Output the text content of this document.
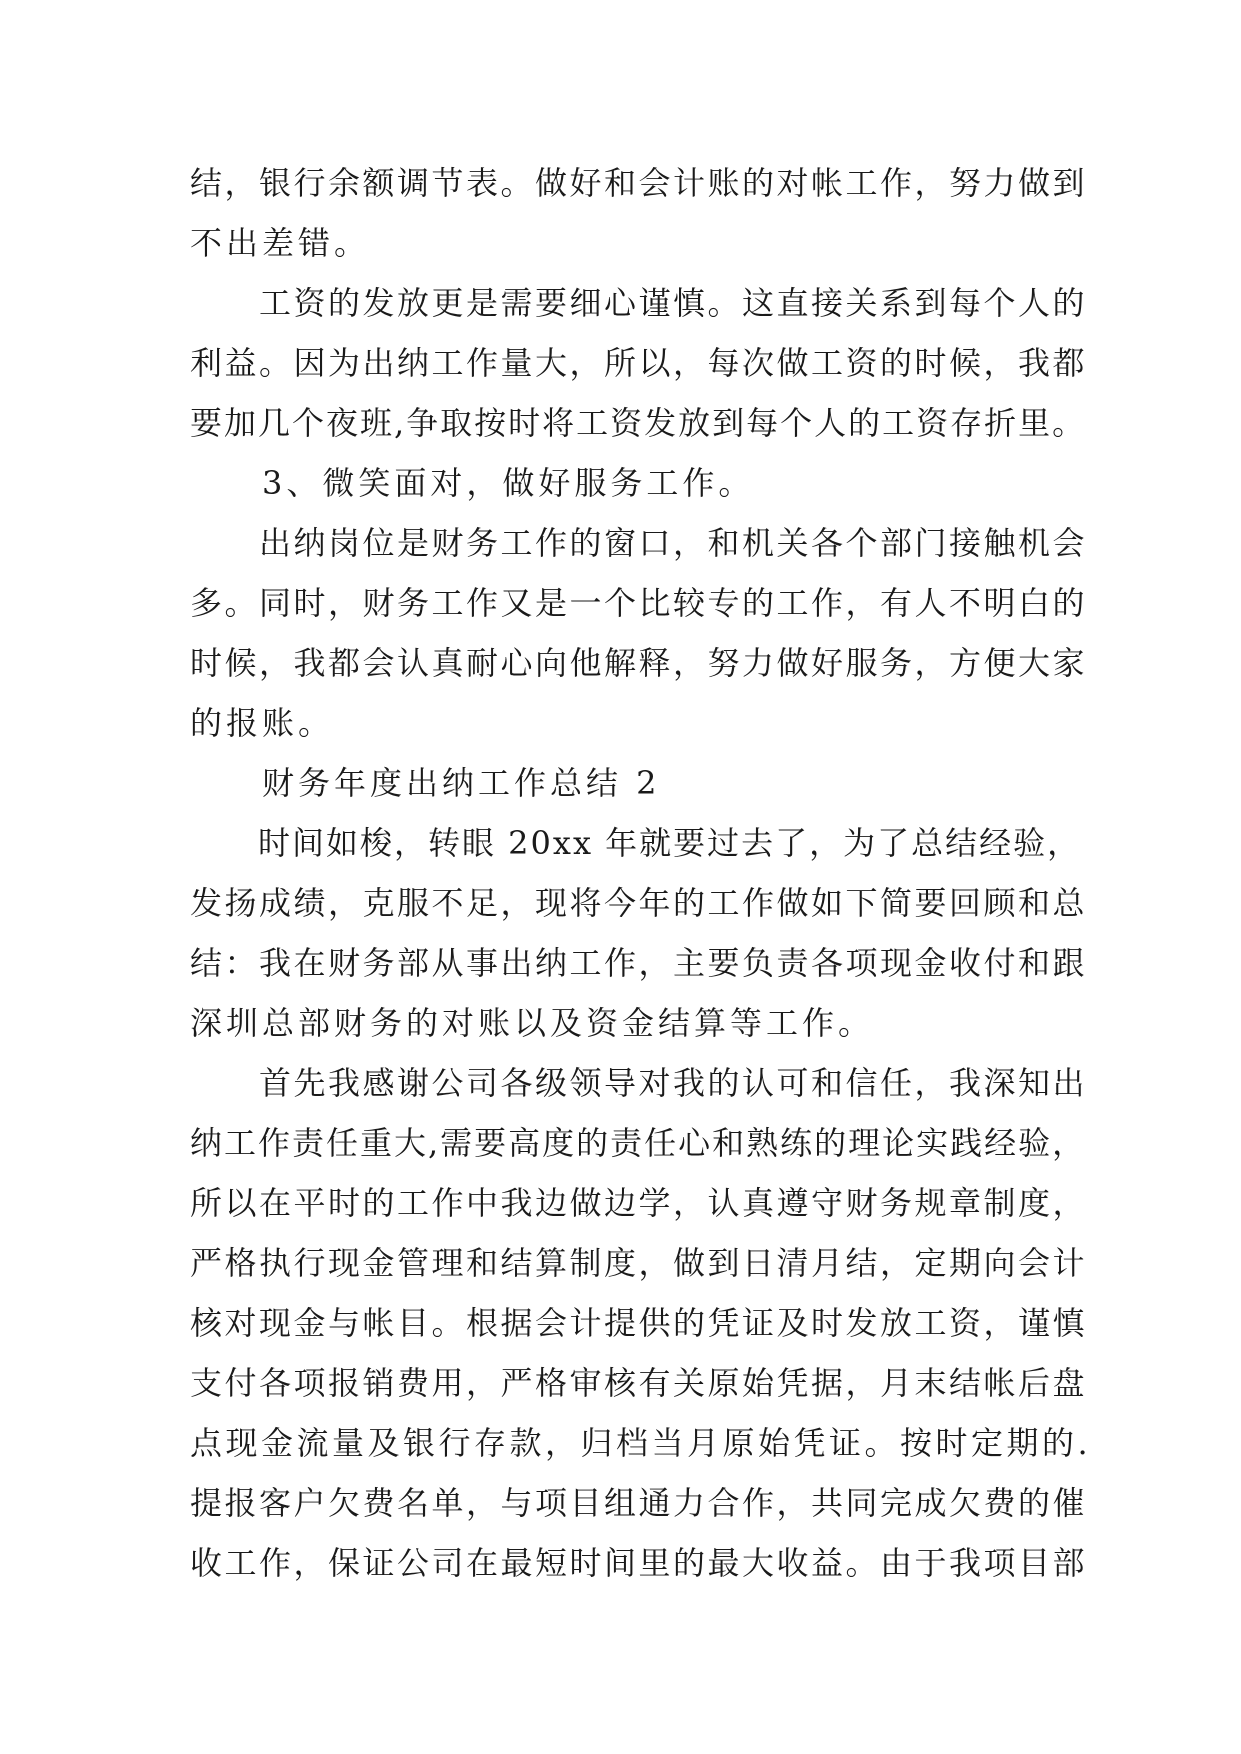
结，银行余额调节表。做好和会计账的对帐工作，努力做到
不出差错。
　　工资的发放更是需要细心谨慎。这直接关系到每个人的
利益。因为出纳工作量大，所以，每次做工资的时候，我都
要加几个夜班,争取按时将工资发放到每个人的工资存折里。
　　3、微笑面对，做好服务工作。
　　出纳岗位是财务工作的窗口，和机关各个部门接触机会
多。同时，财务工作又是一个比较专的工作，有人不明白的
时候，我都会认真耐心向他解释，努力做好服务，方便大家
的报账。
　　财务年度出纳工作总结 2
　　时间如梭，转眼 20xx 年就要过去了，为了总结经验，
发扬成绩，克服不足，现将今年的工作做如下简要回顾和总
结：我在财务部从事出纳工作，主要负责各项现金收付和跟
深圳总部财务的对账以及资金结算等工作。
　　首先我感谢公司各级领导对我的认可和信任，我深知出
纳工作责任重大,需要高度的责任心和熟练的理论实践经验，
所以在平时的工作中我边做边学，认真遵守财务规章制度，
严格执行现金管理和结算制度，做到日清月结，定期向会计
核对现金与帐目。根据会计提供的凭证及时发放工资，谨慎
支付各项报销费用，严格审核有关原始凭据，月末结帐后盘
点现金流量及银行存款，归档当月原始凭证。按时定期的.
提报客户欠费名单，与项目组通力合作，共同完成欠费的催
收工作，保证公司在最短时间里的最大收益。由于我项目部
